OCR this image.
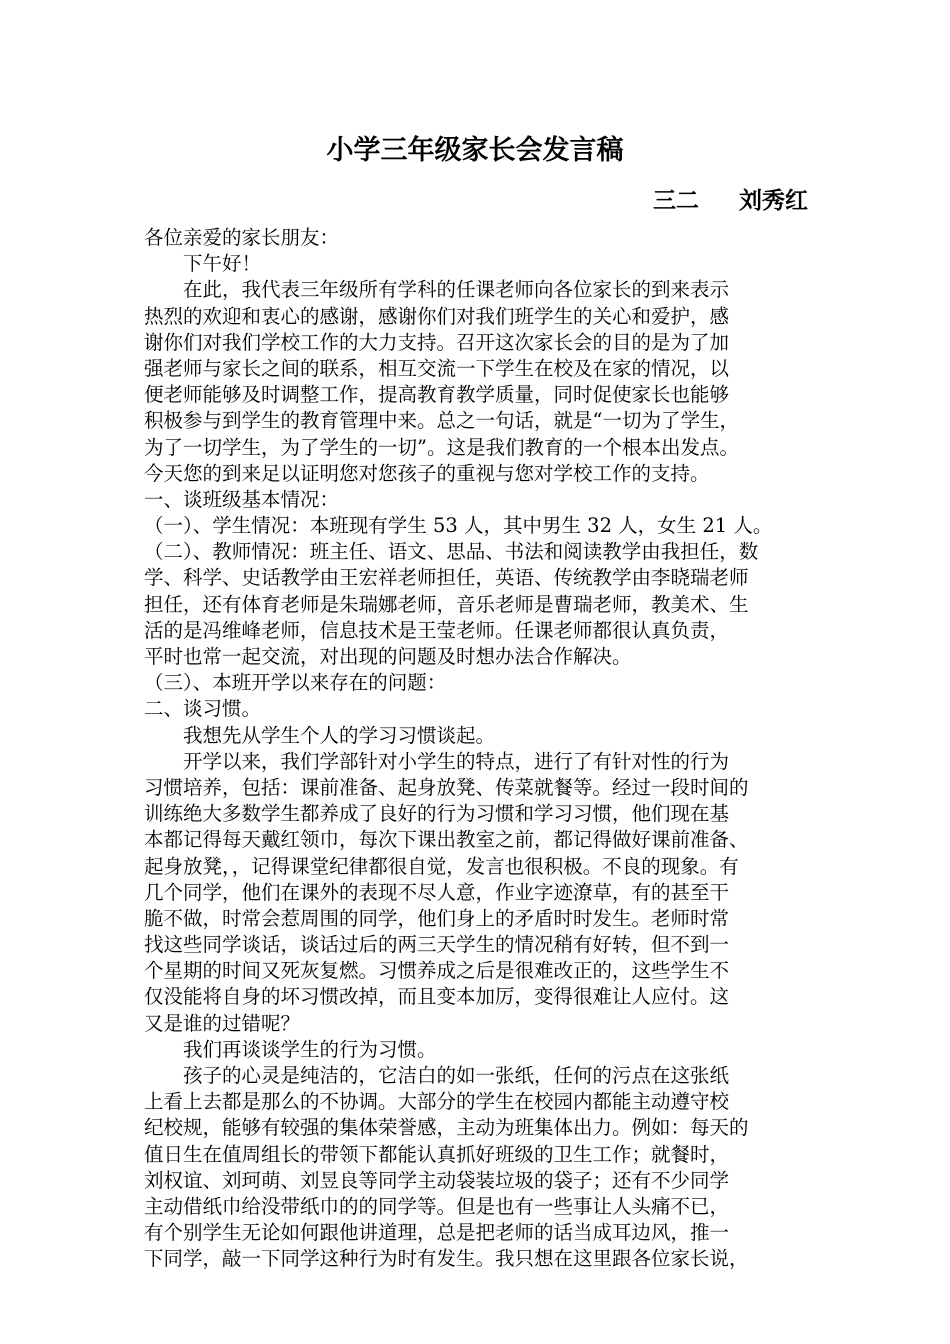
小学三年级家长会发言稿
三二     刘秀红
各位亲爱的家长朋友：
　　下午好！
　　在此，我代表三年级所有学科的任课老师向各位家长的到来表示
热烈的欢迎和衷心的感谢，感谢你们对我们班学生的关心和爱护，感
谢你们对我们学校工作的大力支持。召开这次家长会的目的是为了加
强老师与家长之间的联系，相互交流一下学生在校及在家的情况，以
便老师能够及时调整工作，提高教育教学质量，同时促使家长也能够
积极参与到学生的教育管理中来。总之一句话，就是“一切为了学生，
为了一切学生，为了学生的一切”。这是我们教育的一个根本出发点。
今天您的到来足以证明您对您孩子的重视与您对学校工作的支持。
一、谈班级基本情况：
（一）、学生情况：本班现有学生 53 人，其中男生 32 人，女生 21 人。
（二）、教师情况：班主任、语文、思品、书法和阅读教学由我担任，数
学、科学、史话教学由王宏祥老师担任，英语、传统教学由李晓瑞老师
担任，还有体育老师是朱瑞娜老师，音乐老师是曹瑞老师，教美术、生
活的是冯维峰老师，信息技术是王莹老师。任课老师都很认真负责，
平时也常一起交流，对出现的问题及时想办法合作解决。
（三）、本班开学以来存在的问题：
二、谈习惯。
　　我想先从学生个人的学习习惯谈起。
　　开学以来，我们学部针对小学生的特点，进行了有针对性的行为
习惯培养，包括：课前准备、起身放凳、传菜就餐等。经过一段时间的
训练绝大多数学生都养成了良好的行为习惯和学习习惯，他们现在基
本都记得每天戴红领巾，每次下课出教室之前，都记得做好课前准备、
起身放凳，，记得课堂纪律都很自觉，发言也很积极。不良的现象。有
几个同学，他们在课外的表现不尽人意，作业字迹潦草，有的甚至干
脆不做，时常会惹周围的同学，他们身上的矛盾时时发生。老师时常
找这些同学谈话，谈话过后的两三天学生的情况稍有好转，但不到一
个星期的时间又死灰复燃。习惯养成之后是很难改正的，这些学生不
仅没能将自身的坏习惯改掉，而且变本加厉，变得很难让人应付。这
又是谁的过错呢？
　　我们再谈谈学生的行为习惯。
　　孩子的心灵是纯洁的，它洁白的如一张纸，任何的污点在这张纸
上看上去都是那么的不协调。大部分的学生在校园内都能主动遵守校
纪校规，能够有较强的集体荣誉感，主动为班集体出力。例如：每天的
值日生在值周组长的带领下都能认真抓好班级的卫生工作；就餐时，
刘权谊、刘珂萌、刘昱良等同学主动袋装垃圾的袋子；还有不少同学
主动借纸巾给没带纸巾的的同学等。但是也有一些事让人头痛不已，
有个别学生无论如何跟他讲道理，总是把老师的话当成耳边风，推一
下同学，敲一下同学这种行为时有发生。我只想在这里跟各位家长说，
